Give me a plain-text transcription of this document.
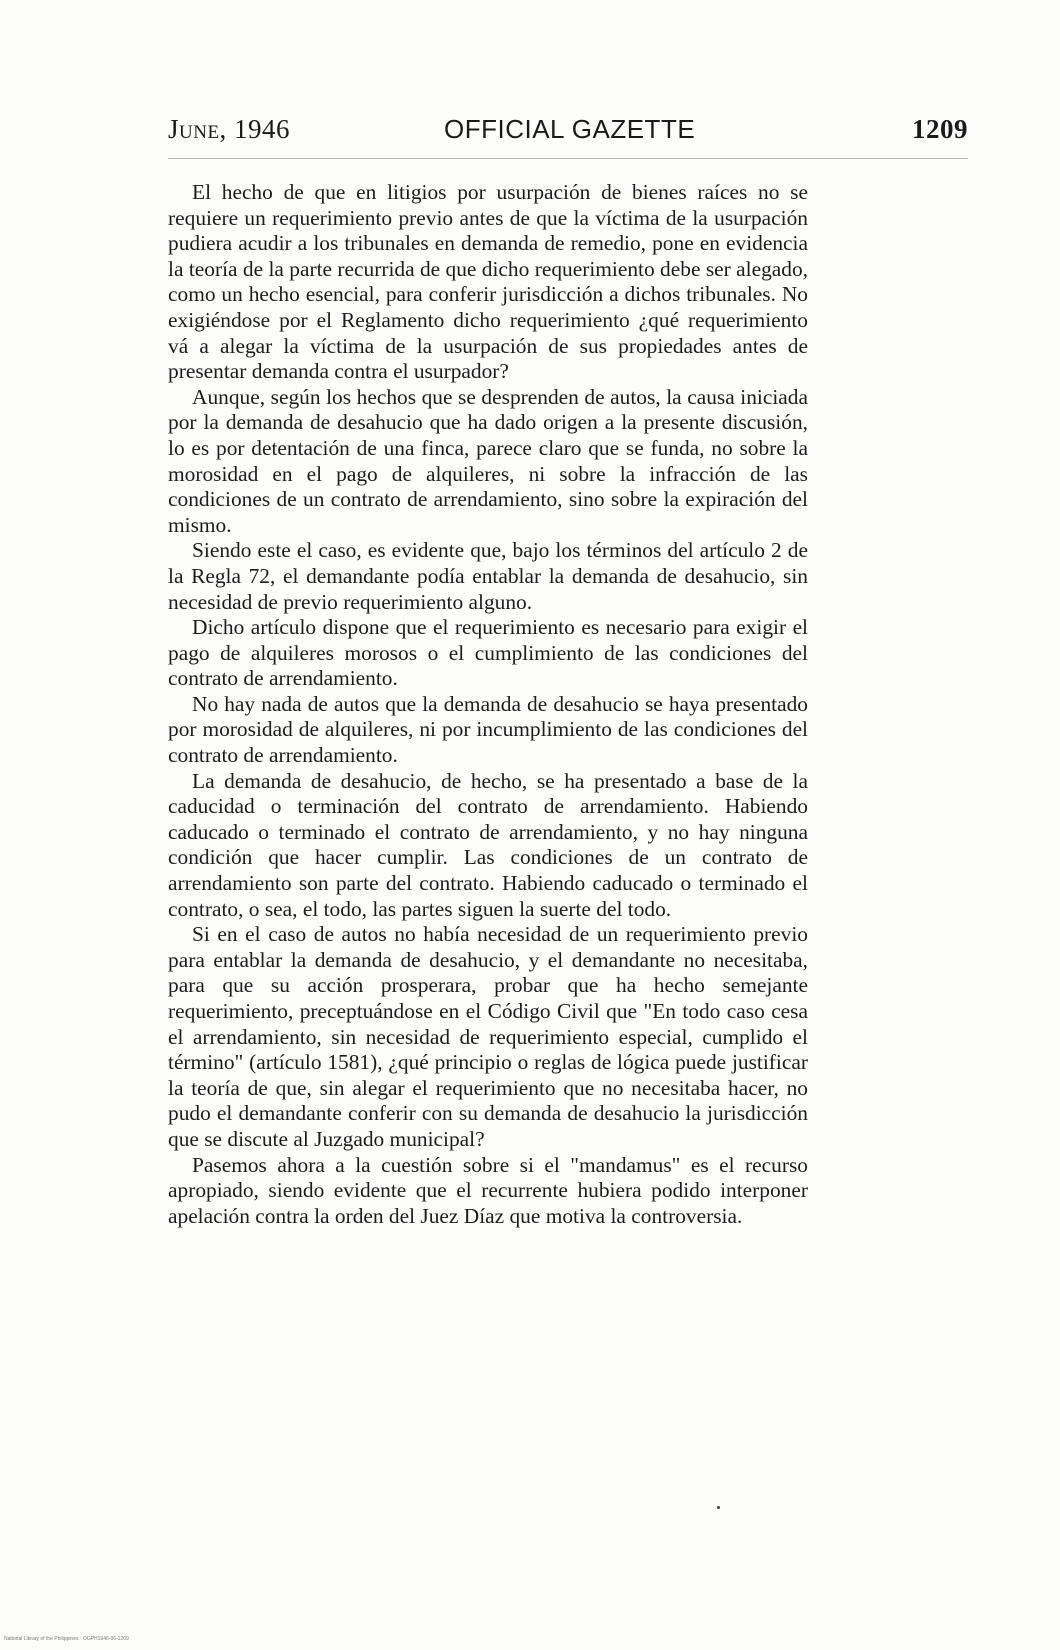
June, 1946	OFFICIAL GAZETTE	1209

El hecho de que en litigios por usurpación de bienes raíces no se requiere un requerimiento previo antes de que la víctima de la usurpación pudiera acudir a los tribunales en demanda de remedio, pone en evidencia la teoría de la parte recurrida de que dicho requerimiento debe ser alegado, como un hecho esencial, para conferir jurisdicción a dichos tribunales. No exigiéndose por el Reglamento dicho requerimiento ¿qué requerimiento vá a alegar la víctima de la usurpación de sus propiedades antes de presentar demanda contra el usurpador?

Aunque, según los hechos que se desprenden de autos, la causa iniciada por la demanda de desahucio que ha dado origen a la presente discusión, lo es por detentación de una finca, parece claro que se funda, no sobre la morosidad en el pago de alquileres, ni sobre la infracción de las condiciones de un contrato de arrendamiento, sino sobre la expiración del mismo.

Siendo este el caso, es evidente que, bajo los términos del artículo 2 de la Regla 72, el demandante podía entablar la demanda de desahucio, sin necesidad de previo requerimiento alguno.

Dicho artículo dispone que el requerimiento es necesario para exigir el pago de alquileres morosos o el cumplimiento de las condiciones del contrato de arrendamiento.

No hay nada de autos que la demanda de desahucio se haya presentado por morosidad de alquileres, ni por incumplimiento de las condiciones del contrato de arrendamiento.

La demanda de desahucio, de hecho, se ha presentado a base de la caducidad o terminación del contrato de arrendamiento. Habiendo caducado o terminado el contrato de arrendamiento, y no hay ninguna condición que hacer cumplir. Las condiciones de un contrato de arrendamiento son parte del contrato. Habiendo caducado o terminado el contrato, o sea, el todo, las partes siguen la suerte del todo.

Si en el caso de autos no había necesidad de un requerimiento previo para entablar la demanda de desahucio, y el demandante no necesitaba, para que su acción prosperara, probar que ha hecho semejante requerimiento, preceptuándose en el Código Civil que "En todo caso cesa el arrendamiento, sin necesidad de requerimiento especial, cumplido el término" (artículo 1581), ¿qué principio o reglas de lógica puede justificar la teoría de que, sin alegar el requerimiento que no necesitaba hacer, no pudo el demandante conferir con su demanda de desahucio la jurisdicción que se discute al Juzgado municipal?

Pasemos ahora a la cuestión sobre si el "mandamus" es el recurso apropiado, siendo evidente que el recurrente hubiera podido interponer apelación contra la orden del Juez Díaz que motiva la controversia.

National Library of the Philippines · OGPH1946-06-1209
